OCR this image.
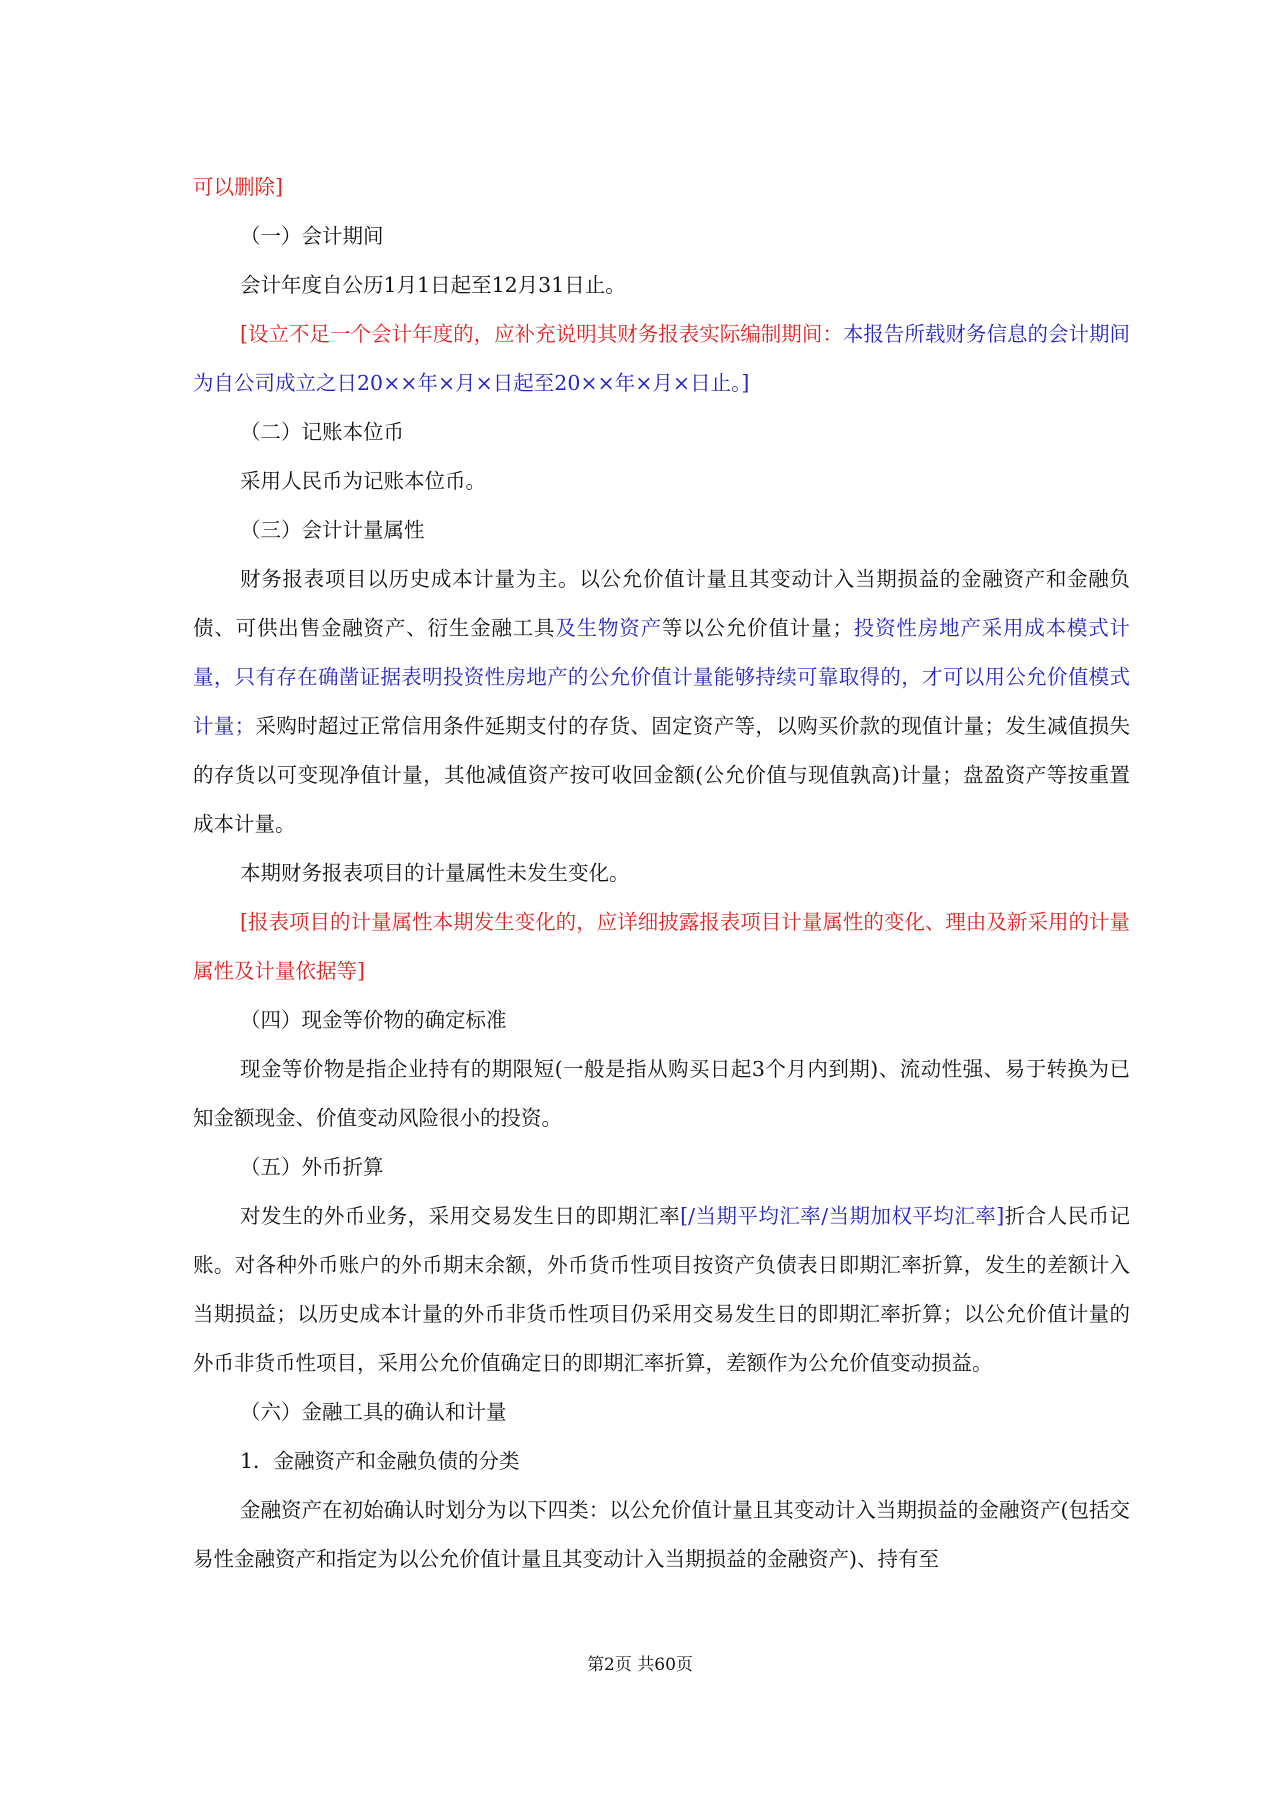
可以删除]

（一）会计期间

会计年度自公历1月1日起至12月31日止。

[设立不足一个会计年度的，应补充说明其财务报表实际编制期间：本报告所载财务信息的会计期间为自公司成立之日20××年×月×日起至20××年×月×日止。]

（二）记账本位币

采用人民币为记账本位币。

（三）会计计量属性

财务报表项目以历史成本计量为主。以公允价值计量且其变动计入当期损益的金融资产和金融负债、可供出售金融资产、衍生金融工具及生物资产等以公允价值计量；投资性房地产采用成本模式计量，只有存在确凿证据表明投资性房地产的公允价值计量能够持续可靠取得的，才可以用公允价值模式计量；采购时超过正常信用条件延期支付的存货、固定资产等，以购买价款的现值计量；发生减值损失的存货以可变现净值计量，其他减值资产按可收回金额(公允价值与现值孰高)计量；盘盈资产等按重置成本计量。

本期财务报表项目的计量属性未发生变化。

[报表项目的计量属性本期发生变化的，应详细披露报表项目计量属性的变化、理由及新采用的计量属性及计量依据等]

（四）现金等价物的确定标准

现金等价物是指企业持有的期限短(一般是指从购买日起3个月内到期)、流动性强、易于转换为已知金额现金、价值变动风险很小的投资。

（五）外币折算

对发生的外币业务，采用交易发生日的即期汇率[/当期平均汇率/当期加权平均汇率]折合人民币记账。对各种外币账户的外币期末余额，外币货币性项目按资产负债表日即期汇率折算，发生的差额计入当期损益；以历史成本计量的外币非货币性项目仍采用交易发生日的即期汇率折算；以公允价值计量的外币非货币性项目，采用公允价值确定日的即期汇率折算，差额作为公允价值变动损益。

（六）金融工具的确认和计量

1．金融资产和金融负债的分类

金融资产在初始确认时划分为以下四类：以公允价值计量且其变动计入当期损益的金融资产(包括交易性金融资产和指定为以公允价值计量且其变动计入当期损益的金融资产)、持有至

第2页 共60页
